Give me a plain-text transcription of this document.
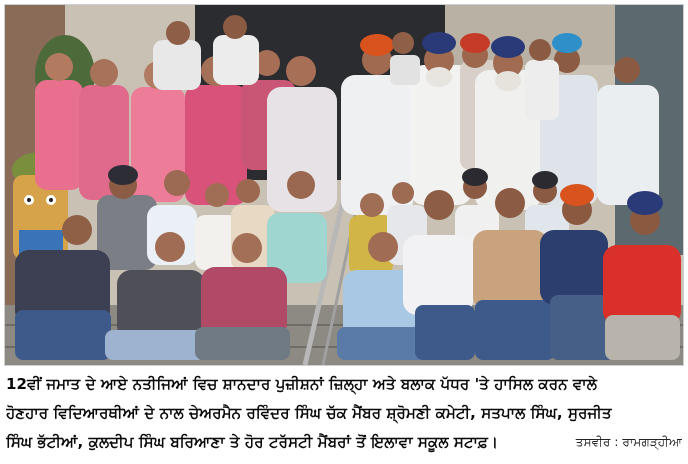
12ਵੀਂ ਜਮਾਤ ਦੇ ਆਏ ਨਤੀਜਿਆਂ ਵਿਚ ਸ਼ਾਨਦਾਰ ਪੁਜ਼ੀਸ਼ਨਾਂ ਜ਼ਿਲ੍ਹਾ ਅਤੇ ਬਲਾਕ ਪੱਧਰ 'ਤੇ ਹਾਸਿਲ ਕਰਨ ਵਾਲੇ
ਹੋਣਹਾਰ ਵਿਦਿਆਰਥੀਆਂ ਦੇ ਨਾਲ ਚੇਅਰਮੈਨ ਰਵਿੰਦਰ ਸਿੰਘ ਚੱਕ ਮੈਂਬਰ ਸ਼੍ਰੋਮਣੀ ਕਮੇਟੀ, ਸਤਪਾਲ ਸਿੰਘ, ਸੁਰਜੀਤ
ਸਿੰਘ ਭੱਟੀਆਂ, ਕੁਲਦੀਪ ਸਿੰਘ ਬਰਿਆਣਾ ਤੇ ਹੋਰ ਟਰੱਸਟੀ ਮੈਂਬਰਾਂ ਤੋਂ ਇਲਾਵਾ ਸਕੂਲ ਸਟਾਫ਼।	ਤਸਵੀਰ : ਰਾਮਗੜ੍ਹੀਆ
